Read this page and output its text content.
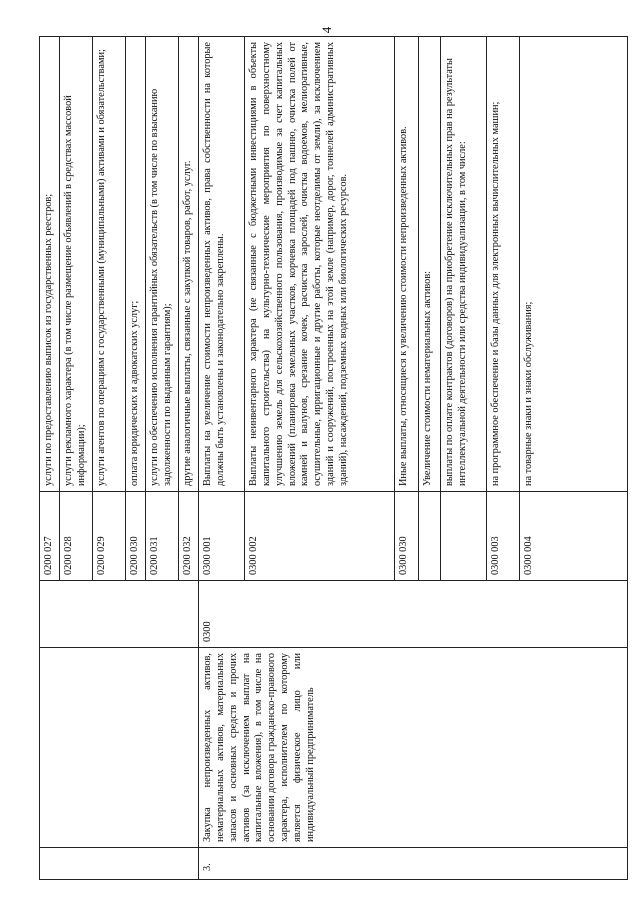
4
			0200 027	услуги по предоставлению выписок из государственных реестров;
			0200 028	услуги рекламного характера (в том числе размещение объявлений в средствах массовой информации);
			0200 029	услуги агентов по операциям с государственными (муниципальными) активами и обязательствами;
			0200 030	оплата юридических и адвокатских услуг;
			0200 031	услуги по обеспечению исполнения гарантийных обязательств (в том числе по взысканию задолженности по выданным гарантиям);
			0200 032	другие аналогичные выплаты, связанные с закупкой товаров, работ, услуг.
3.	Закупка непроизведенных активов, нематериальных активов, материальных запасов и основных средств и прочих активов (за исключением выплат на капитальные вложения), в том числе на основании договора гражданско-правового характера, исполнителем по которому является физическое лицо или индивидуальный предприниматель	0300	0300 001	Выплаты на увеличение стоимости непроизведенных активов, права собственности на которые должны быть установлены и законодательно закреплены.
			0300 002	Выплаты неинвентарного характера (не связанные с бюджетными инвестициями в объекты капитального строительства) на культурно-технические мероприятия по поверхностному улучшению земель для сельскохозяйственного пользования, производимые за счет капитальных вложений (планировка земельных участков, корчевка площадей под пашню, очистка полей от камней и валунов, срезание кочек, расчистка зарослей, очистка водоемов, мелиоративные, осушительные, ирригационные и другие работы, которые неотделимы от земли), за исключением зданий и сооружений, построенных на этой земле (например, дорог, тоннелей административных зданий), насаждений, подземных водных или биологических ресурсов.
			0300 030	Иные выплаты, относящиеся к увеличению стоимости непроизведенных активов.
				Увеличение стоимости нематериальных активов:
				выплаты по оплате контрактов (договоров) на приобретение исключительных прав на результаты интеллектуальной деятельности или средства индивидуализации, в том числе:
			0300 003	на программное обеспечение и базы данных для электронных вычислительных машин;
			0300 004	на товарные знаки и знаки обслуживания;
